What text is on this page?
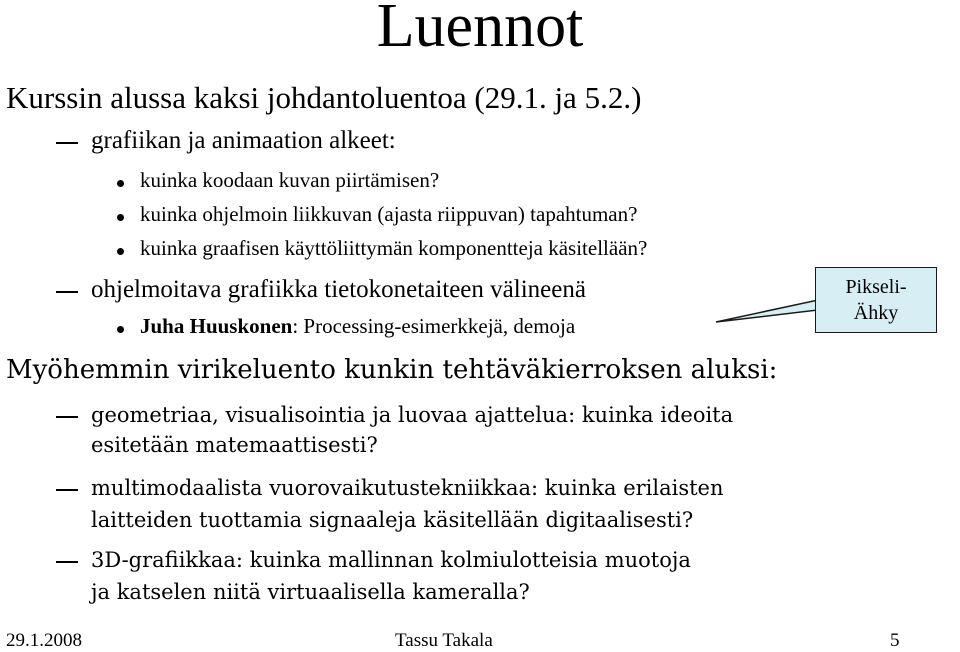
Luennot
Kurssin alussa kaksi johdantoluentoa (29.1. ja 5.2.)
grafiikan ja animaation alkeet:
kuinka koodaan kuvan piirtämisen?
kuinka ohjelmoin liikkuvan (ajasta riippuvan) tapahtuman?
kuinka graafisen käyttöliittymän komponentteja käsitellään?
ohjelmoitava grafiikka tietokonetaiteen välineenä
Juha Huuskonen: Processing-esimerkkejä, demoja
Pikseli-
Ähky
Myöhemmin virikeluento kunkin tehtäväkierroksen aluksi:
geometriaa, visualisointia ja luovaa ajattelua: kuinka ideoita
esitetään matemaattisesti?
multimodaalista vuorovaikutustekniikkaa: kuinka erilaisten
laitteiden tuottamia signaaleja käsitellään digitaalisesti?
3D-grafiikkaa: kuinka mallinnan kolmiulotteisia muotoja
ja katselen niitä virtuaalisella kameralla?
29.1.2008	Tassu Takala	5
